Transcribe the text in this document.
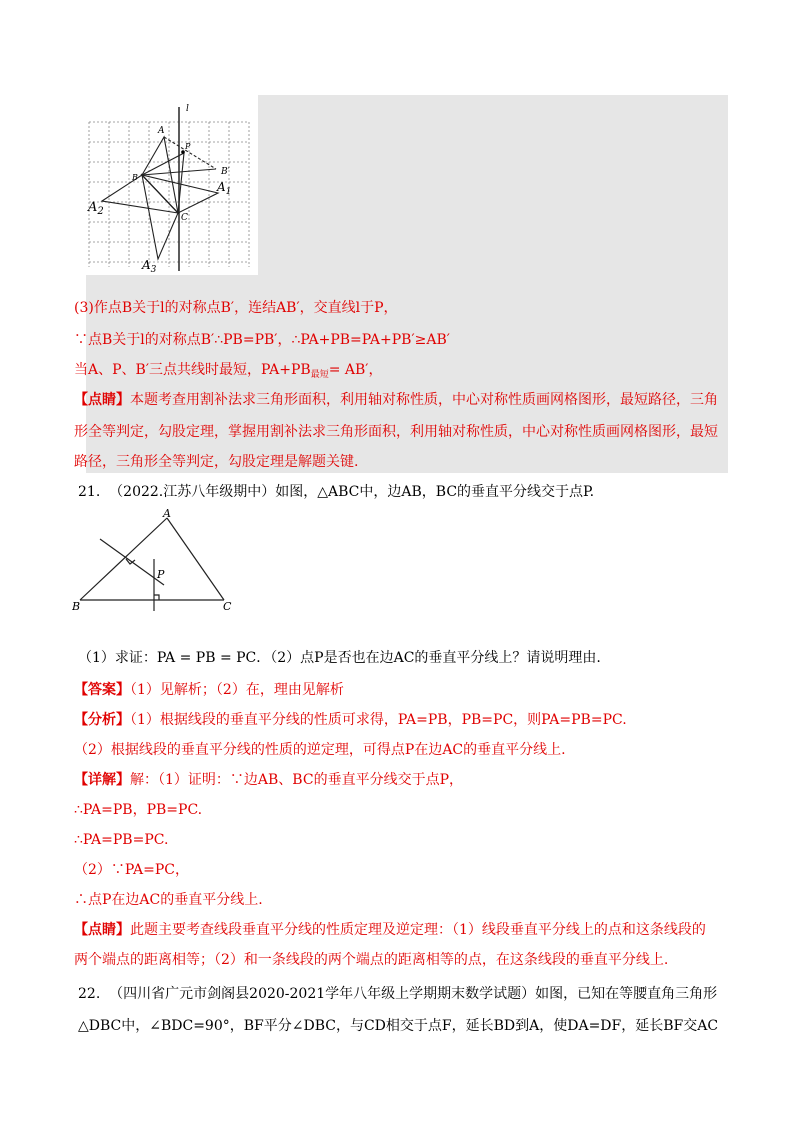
A
P
B′
$A_1$
B
C
$A_2$
$A_3$
l
(3)作点B关于l的对称点B′，连结AB′，交直线l于P，
∵点B关于l的对称点B′∴PB=PB′，∴PA+PB=PA+PB′≥AB′
当A、P、B′三点共线时最短，$PA+PB_{最短}= AB'$，
【点睛】本题考查用割补法求三角形面积，利用轴对称性质，中心对称性质画网格图形，最短路径，三角
形全等判定，勾股定理，掌握用割补法求三角形面积，利用轴对称性质，中心对称性质画网格图形，最短
路径，三角形全等判定，勾股定理是解题关键.
21.  （2022.江苏八年级期中）如图，△ABC中，边AB，BC的垂直平分线交于点P.
A
B	C
P
（1）求证：PA = PB = PC．（2）点P是否也在边AC的垂直平分线上？请说明理由.
【答案】（1）见解析；（2）在，理由见解析
【分析】（1）根据线段的垂直平分线的性质可求得，PA=PB，PB=PC，则PA=PB=PC.
（2）根据线段的垂直平分线的性质的逆定理，可得点P在边AC的垂直平分线上.
【详解】解：（1）证明：∵边AB、BC的垂直平分线交于点P，
∴PA=PB，PB=PC.
∴PA=PB=PC.
（2）∵PA=PC，
∴点P在边AC的垂直平分线上.
【点睛】此题主要考查线段垂直平分线的性质定理及逆定理：（1）线段垂直平分线上的点和这条线段的
两个端点的距离相等；（2）和一条线段的两个端点的距离相等的点，在这条线段的垂直平分线上.
22.  （四川省广元市剑阁县2020-2021学年八年级上学期期末数学试题）如图，已知在等腰直角三角形
△DBC中，∠BDC=90°，BF平分∠DBC，与CD相交于点F，延长BD到A，使DA=DF，延长BF交AC
